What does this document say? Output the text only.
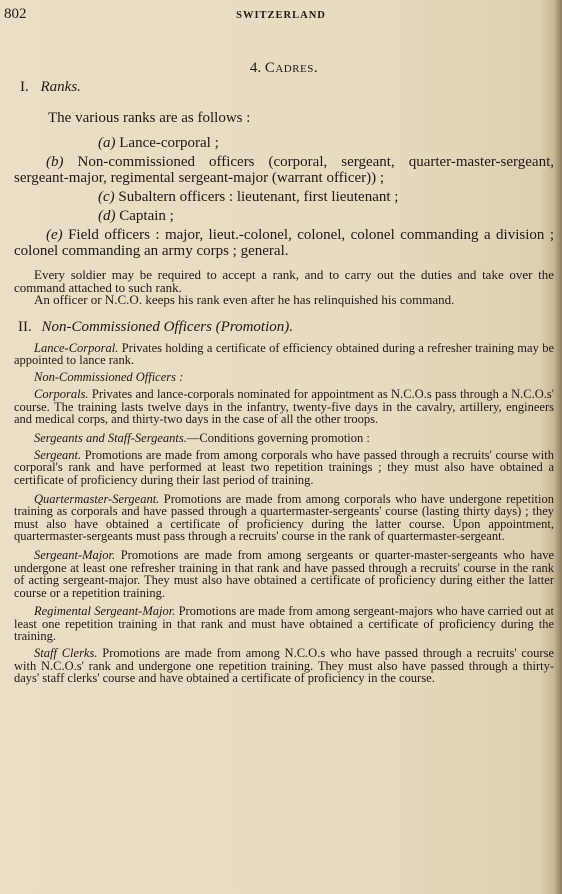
802	SWITZERLAND

4. Cadres.

I. Ranks.

The various ranks are as follows :

(a) Lance-corporal ;

(b) Non-commissioned officers (corporal, sergeant, quarter-master-sergeant, sergeant-major, regimental sergeant-major (warrant officer)) ;

(c) Subaltern officers : lieutenant, first lieutenant ;

(d) Captain ;

(e) Field officers : major, lieut.-colonel, colonel, colonel commanding a division ; colonel commanding an army corps ; general.

Every soldier may be required to accept a rank, and to carry out the duties and take over the command attached to such rank.

An officer or N.C.O. keeps his rank even after he has relinquished his command.

II. Non-Commissioned Officers (Promotion).

Lance-Corporal. Privates holding a certificate of efficiency obtained during a refresher training may be appointed to lance rank.

Non-Commissioned Officers :

Corporals. Privates and lance-corporals nominated for appointment as N.C.O.s pass through a N.C.O.s' course. The training lasts twelve days in the infantry, twenty-five days in the cavalry, artillery, engineers and medical corps, and thirty-two days in the case of all the other troops.

Sergeants and Staff-Sergeants.—Conditions governing promotion :

Sergeant. Promotions are made from among corporals who have passed through a recruits' course with corporal's rank and have performed at least two repetition trainings ; they must also have obtained a certificate of proficiency during their last period of training.

Quartermaster-Sergeant. Promotions are made from among corporals who have undergone repetition training as corporals and have passed through a quartermaster-sergeants' course (lasting thirty days) ; they must also have obtained a certificate of proficiency during the latter course. Upon appointment, quartermaster-sergeants must pass through a recruits' course in the rank of quartermaster-sergeant.

Sergeant-Major. Promotions are made from among sergeants or quarter-master-sergeants who have undergone at least one refresher training in that rank and have passed through a recruits' course in the rank of acting sergeant-major. They must also have obtained a certificate of proficiency during either the latter course or a repetition training.

Regimental Sergeant-Major. Promotions are made from among sergeant-majors who have carried out at least one repetition training in that rank and must have obtained a certificate of proficiency during the training.

Staff Clerks. Promotions are made from among N.C.O.s who have passed through a recruits' course with N.C.O.s' rank and undergone one repetition training. They must also have passed through a thirty-days' staff clerks' course and have obtained a certificate of proficiency in the course.
